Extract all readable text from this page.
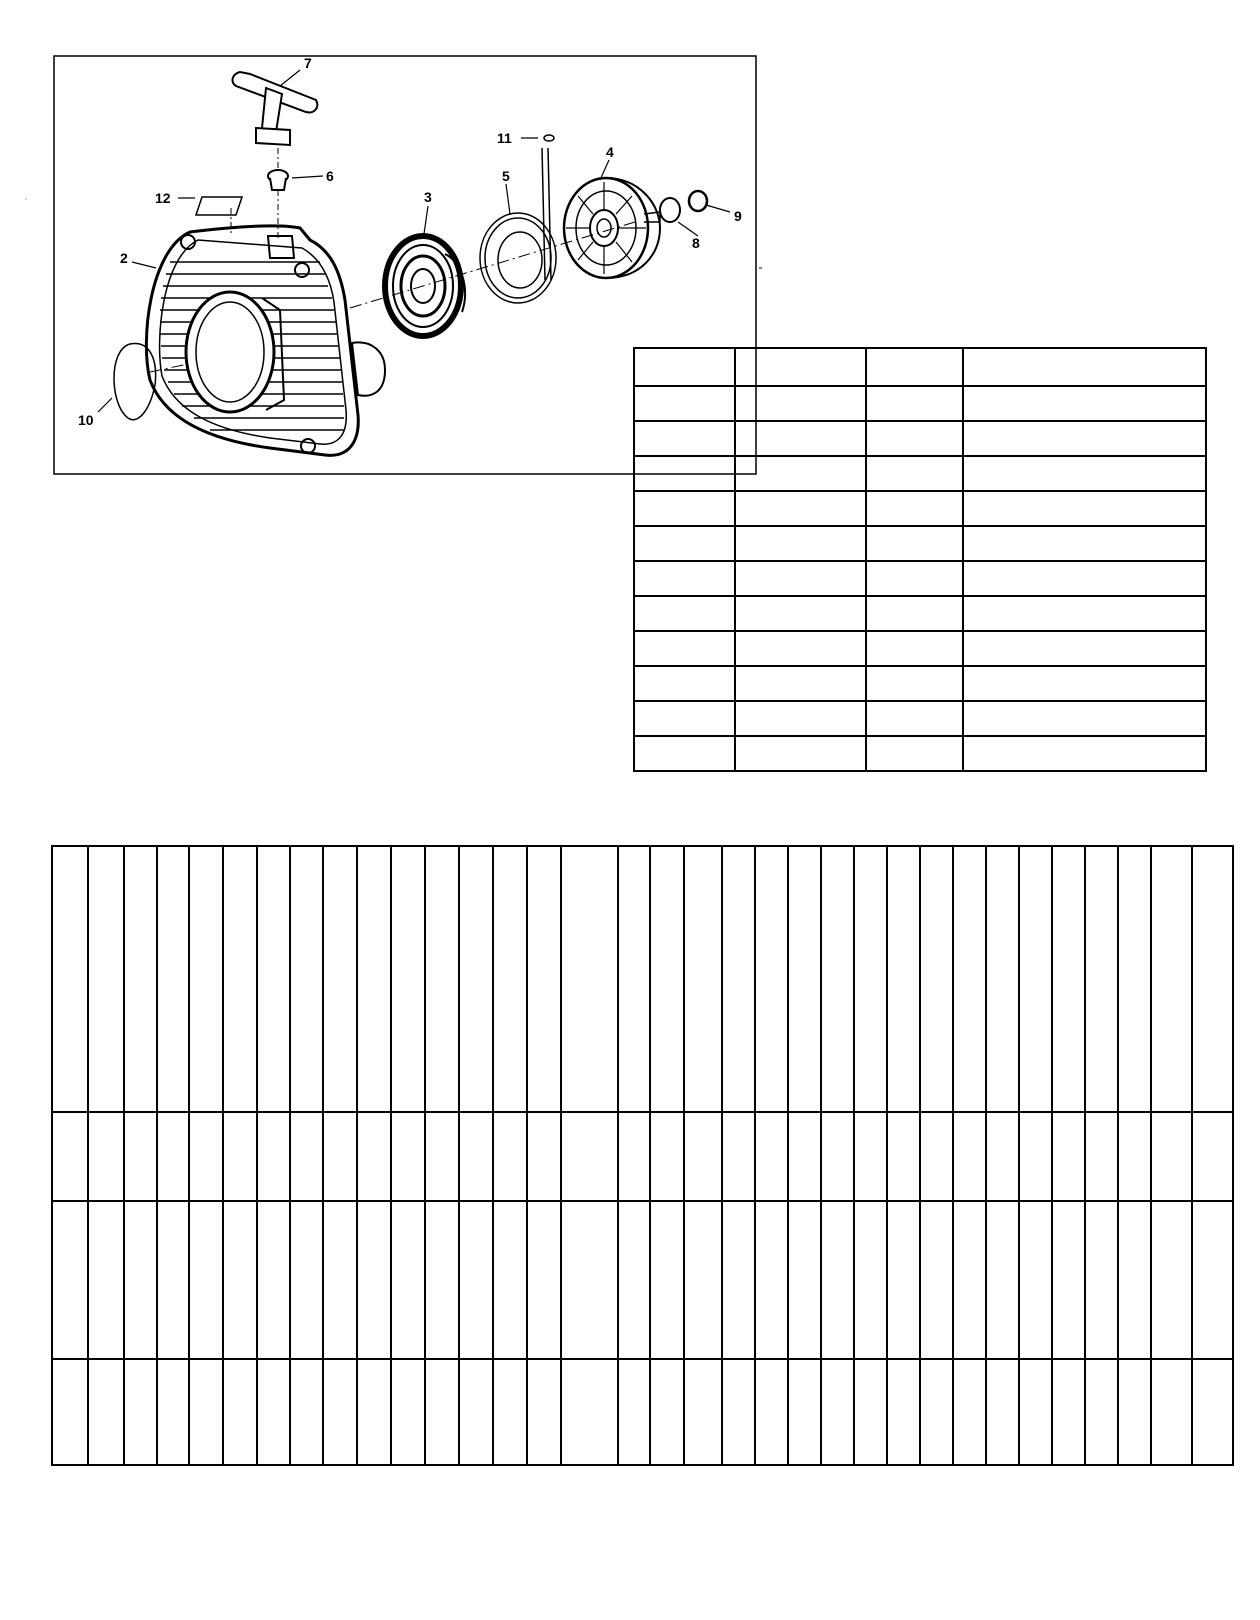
7
6
12
2
3
5
11
4
8
9
10
